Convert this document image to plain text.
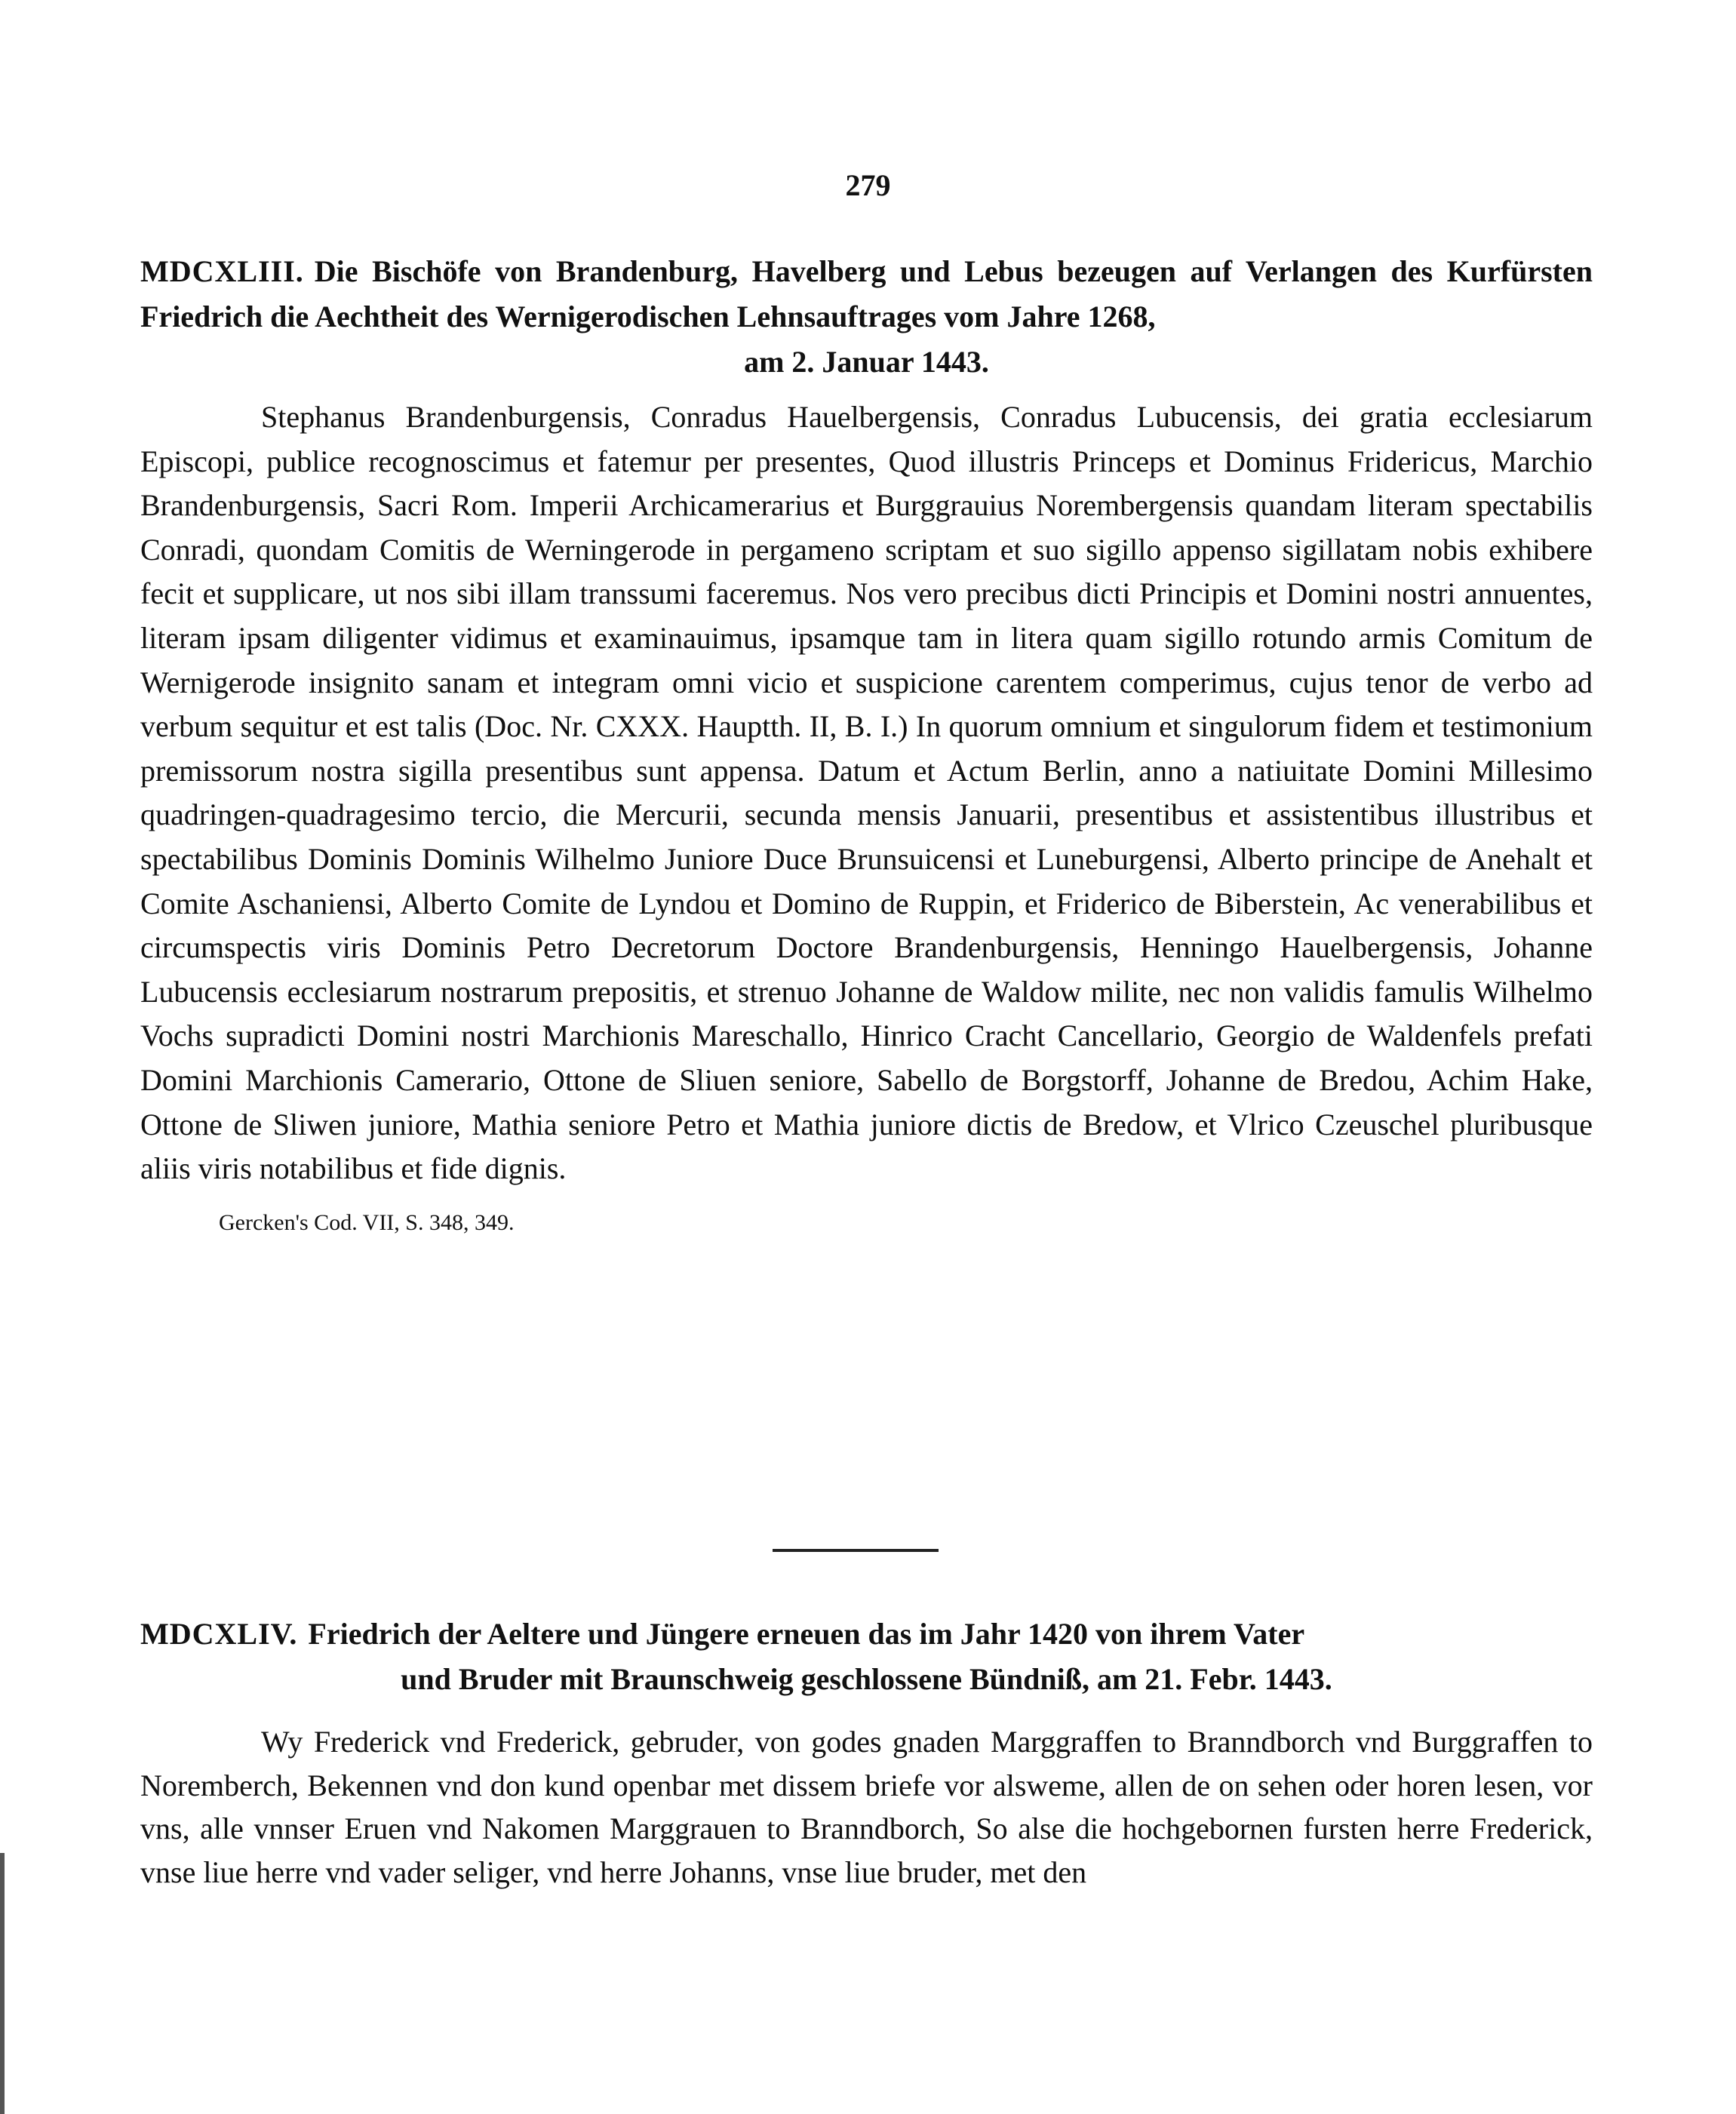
279
MDCXLIII. Die Bischöfe von Brandenburg, Havelberg und Lebus bezeugen auf Verlangen des Kurfürsten Friedrich die Aechtheit des Wernigerodischen Lehnsauftrages vom Jahre 1268,
am 2. Januar 1443.
Stephanus Brandenburgensis, Conradus Hauelbergensis, Conradus Lubucensis, dei gratia ecclesiarum Episcopi, publice recognoscimus et fatemur per presentes, Quod illustris Princeps et Dominus Fridericus, Marchio Brandenburgensis, Sacri Rom. Imperii Archicamerarius et Burggrauius Norembergensis quandam literam spectabilis Conradi, quondam Comitis de Werningerode in pergameno scriptam et suo sigillo appenso sigillatam nobis exhibere fecit et supplicare, ut nos sibi illam transsumi faceremus. Nos vero precibus dicti Principis et Domini nostri annuentes, literam ipsam diligenter vidimus et examinauimus, ipsamque tam in litera quam sigillo rotundo armis Comitum de Wernigerode insignito sanam et integram omni vicio et suspicione carentem comperimus, cujus tenor de verbo ad verbum sequitur et est talis (Doc. Nr. CXXX. Hauptth. II, B. I.) In quorum omnium et singulorum fidem et testimonium premissorum nostra sigilla presentibus sunt appensa. Datum et Actum Berlin, anno a natiuitate Domini Millesimo quadringen-quadragesimo tercio, die Mercurii, secunda mensis Januarii, presentibus et assistentibus illustribus et spectabilibus Dominis Dominis Wilhelmo Juniore Duce Brunsuicensi et Luneburgensi, Alberto principe de Anehalt et Comite Aschaniensi, Alberto Comite de Lyndou et Domino de Ruppin, et Friderico de Biberstein, Ac venerabilibus et circumspectis viris Dominis Petro Decretorum Doctore Brandenburgensis, Henningo Hauelbergensis, Johanne Lubucensis ecclesiarum nostrarum prepositis, et strenuo Johanne de Waldow milite, nec non validis famulis Wilhelmo Vochs supradicti Domini nostri Marchionis Mareschallo, Hinrico Cracht Cancellario, Georgio de Waldenfels prefati Domini Marchionis Camerario, Ottone de Sliuen seniore, Sabello de Borgstorff, Johanne de Bredou, Achim Hake, Ottone de Sliwen juniore, Mathia seniore Petro et Mathia juniore dictis de Bredow, et Vlrico Czeuschel pluribusque aliis viris notabilibus et fide dignis.
Gercken's Cod. VII, S. 348, 349.
MDCXLIV. Friedrich der Aeltere und Jüngere erneuen das im Jahr 1420 von ihrem Vater
und Bruder mit Braunschweig geschlossene Bündniß, am 21. Febr. 1443.
Wy Frederick vnd Frederick, gebruder, von godes gnaden Marggraffen to Branndborch vnd Burggraffen to Noremberch, Bekennen vnd don kund openbar met dissem briefe vor alsweme, allen de on sehen oder horen lesen, vor vns, alle vnnser Eruen vnd Nakomen Marggrauen to Branndborch, So alse die hochgebornen fursten herre Frederick, vnse liue herre vnd vader seliger, vnd herre Johanns, vnse liue bruder, met den
